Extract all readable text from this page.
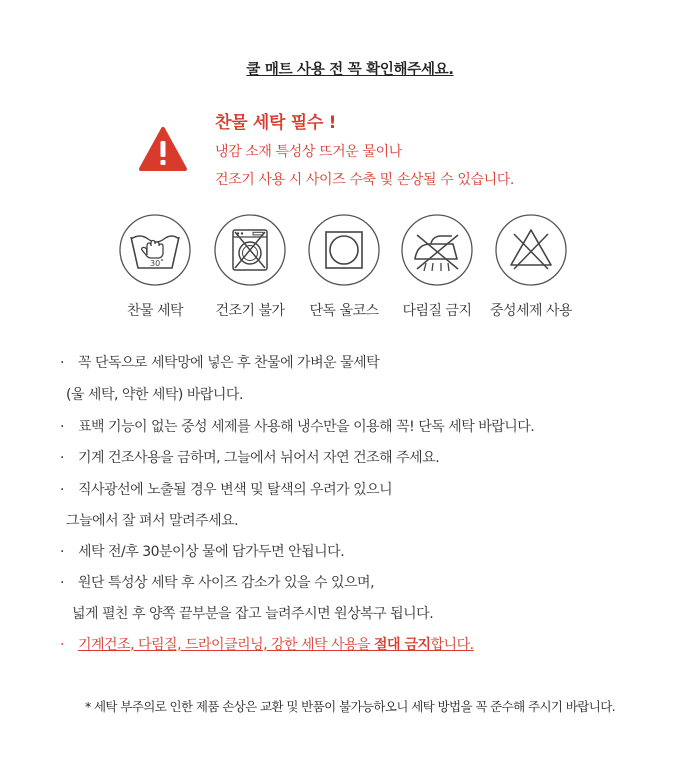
쿨 매트 사용 전 꼭 확인해주세요.
찬물 세탁 필수 !
냉감 소재 특성상 뜨거운 물이나
건조기 사용 시 사이즈 수축 및 손상될 수 있습니다.
30˚
찬물 세탁	건조기 불가	단독 울코스	다림질 금지	중성세제 사용
· 꼭 단독으로 세탁망에 넣은 후 찬물에 가벼운 물세탁
(울 세탁, 약한 세탁) 바랍니다.
· 표백 기능이 없는 중성 세제를 사용해 냉수만을 이용해 꼭! 단독 세탁 바랍니다.
· 기계 건조사용을 금하며, 그늘에서 뉘어서 자연 건조해 주세요.
· 직사광선에 노출될 경우 변색 및 탈색의 우려가 있으니
그늘에서 잘 펴서 말려주세요.
· 세탁 전/후 30분이상 물에 담가두면 안됩니다.
· 원단 특성상 세탁 후 사이즈 감소가 있을 수 있으며,
넓게 펼친 후 양쪽 끝부분을 잡고 늘려주시면 원상복구 됩니다.
· 기계건조, 다림질, 드라이클리닝, 강한 세탁 사용을 절대 금지합니다.
* 세탁 부주의로 인한 제품 손상은 교환 및 반품이 불가능하오니 세탁 방법을 꼭 준수해 주시기 바랍니다.
